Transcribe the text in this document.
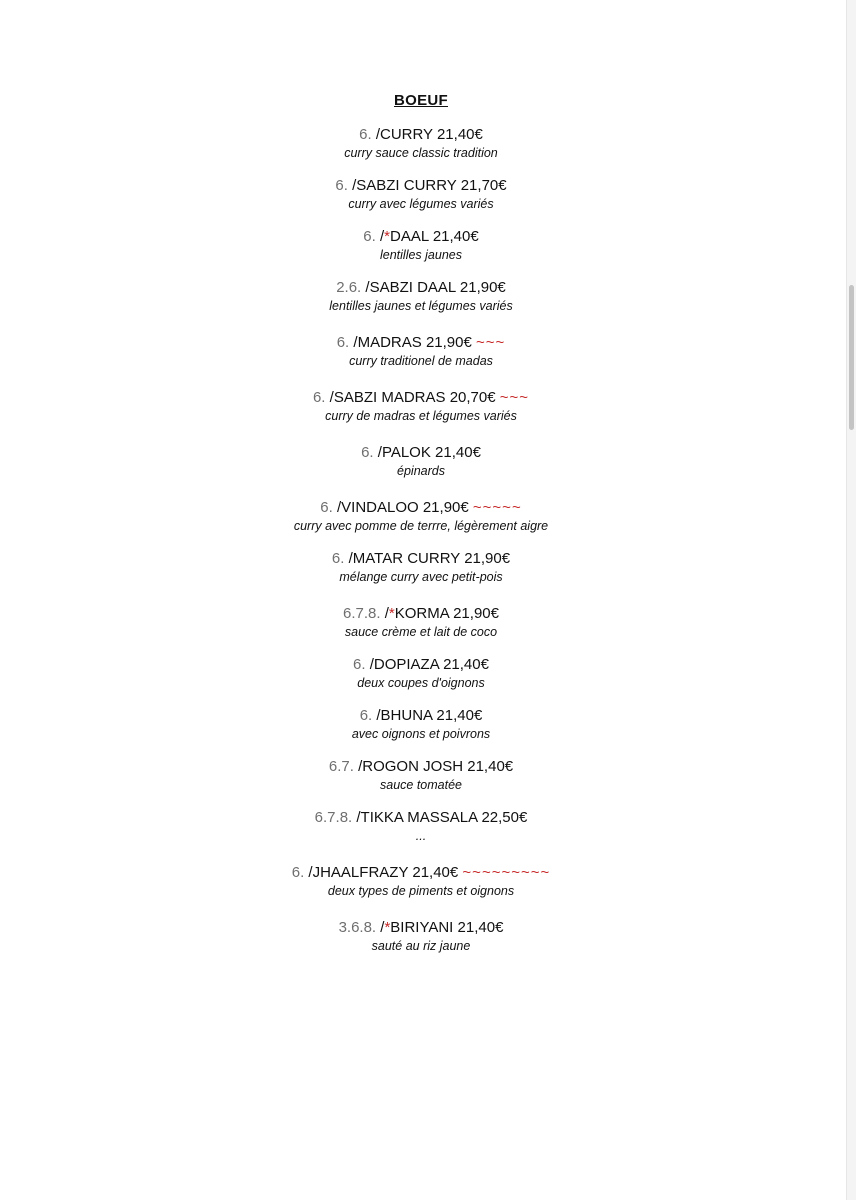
BOEUF
6. /CURRY 21,40€
curry sauce classic tradition
6. /SABZI CURRY 21,70€
curry avec légumes variés
6. /*DAAL 21,40€
lentilles jaunes
2.6. /SABZI DAAL 21,90€
lentilles jaunes et légumes variés
6. /MADRAS 21,90€ ~~~
curry traditionel de madas
6. /SABZI MADRAS 20,70€ ~~~
curry de madras et légumes variés
6. /PALOK 21,40€
épinards
6. /VINDALOO 21,90€ ~~~~~
curry avec pomme de terrre, légèrement aigre
6. /MATAR CURRY 21,90€
mélange curry avec petit-pois
6.7.8. /*KORMA 21,90€
sauce crème et lait de coco
6. /DOPIAZA 21,40€
deux coupes d'oignons
6. /BHUNA 21,40€
avec oignons et poivrons
6.7. /ROGON JOSH 21,40€
sauce tomatée
6.7.8. /TIKKA MASSALA 22,50€
...
6. /JHAALFRAZY 21,40€ ~~~~~~~~~
deux types de piments et oignons
3.6.8. /*BIRIYANI 21,40€
sauté au riz jaune
